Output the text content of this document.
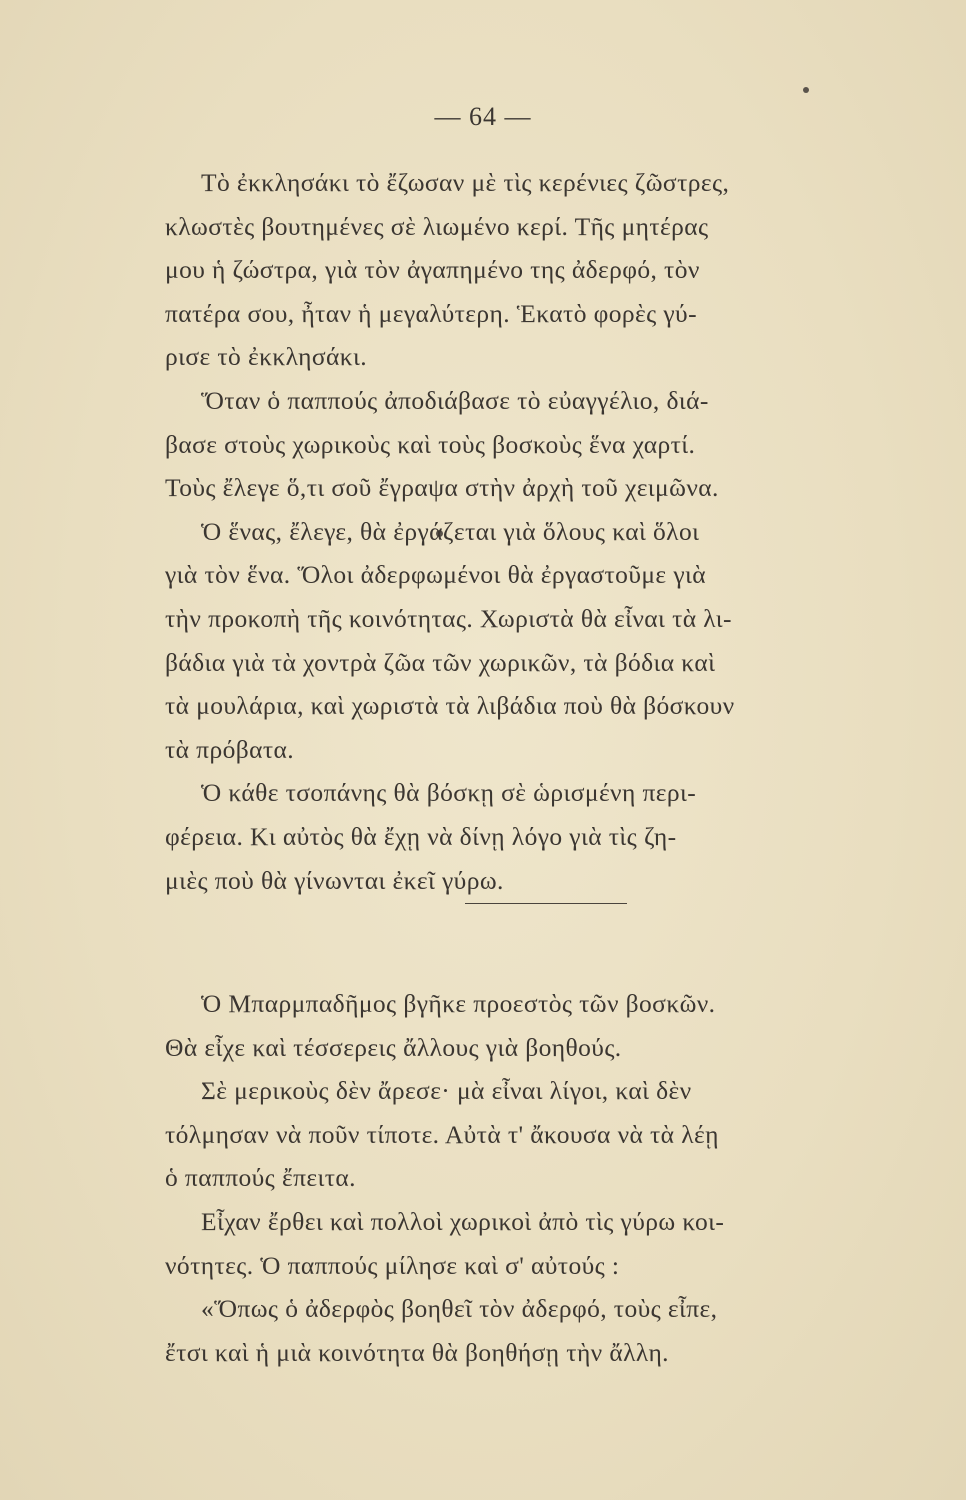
— 64 —
Τὸ ἐκκλησάκι τὸ ἔζωσαν μὲ τὶς κερένιες ζῶστρες,
κλωστὲς βουτημένες σὲ λιωμένο κερί. Τῆς μητέρας
μου ἡ ζώστρα, γιὰ τὸν ἀγαπημένο της ἀδερφό, τὸν
πατέρα σου, ἦταν ἡ μεγαλύτερη. Ἑκατὸ φορὲς γύ-
ρισε τὸ ἐκκλησάκι.
Ὅταν ὁ παππούς ἀποδιάβασε τὸ εὐαγγέλιο, διά-
βασε στοὺς χωρικοὺς καὶ τοὺς βοσκοὺς ἕνα χαρτί.
Τοὺς ἔλεγε ὅ,τι σοῦ ἔγραψα στὴν ἀρχὴ τοῦ χειμῶνα.
Ὁ ἕνας, ἔλεγε, θὰ ἐργάζεται γιὰ ὅλους καὶ ὅλοι
γιὰ τὸν ἕνα. Ὅλοι ἀδερφωμένοι θὰ ἐργαστοῦμε γιὰ
τὴν προκοπὴ τῆς κοινότητας. Χωριστὰ θὰ εἶναι τὰ λι-
βάδια γιὰ τὰ χοντρὰ ζῶα τῶν χωρικῶν, τὰ βόδια καὶ
τὰ μουλάρια, καὶ χωριστὰ τὰ λιβάδια ποὺ θὰ βόσκουν
τὰ πρόβατα.
Ὁ κάθε τσοπάνης θὰ βόσκῃ σὲ ὡρισμένη περι-
φέρεια. Κι αὐτὸς θὰ ἔχῃ νὰ δίνῃ λόγο γιὰ τὶς ζη-
μιὲς ποὺ θὰ γίνωνται ἐκεῖ γύρω.
Ὁ Μπαρμπαδῆμος βγῆκε προεστὸς τῶν βοσκῶν.
Θὰ εἶχε καὶ τέσσερεις ἄλλους γιὰ βοηθούς.
Σὲ μερικοὺς δὲν ἄρεσε· μὰ εἶναι λίγοι, καὶ δὲν
τόλμησαν νὰ ποῦν τίποτε. Αὐτὰ τ' ἄκουσα νὰ τὰ λέῃ
ὁ παππούς ἔπειτα.
Εἶχαν ἔρθει καὶ πολλοὶ χωρικοὶ ἀπὸ τὶς γύρω κοι-
νότητες. Ὁ παππούς μίλησε καὶ σ' αὐτούς :
«Ὅπως ὁ ἀδερφὸς βοηθεῖ τὸν ἀδερφό, τοὺς εἶπε,
ἔτσι καὶ ἡ μιὰ κοινότητα θὰ βοηθήσῃ τὴν ἄλλη.
